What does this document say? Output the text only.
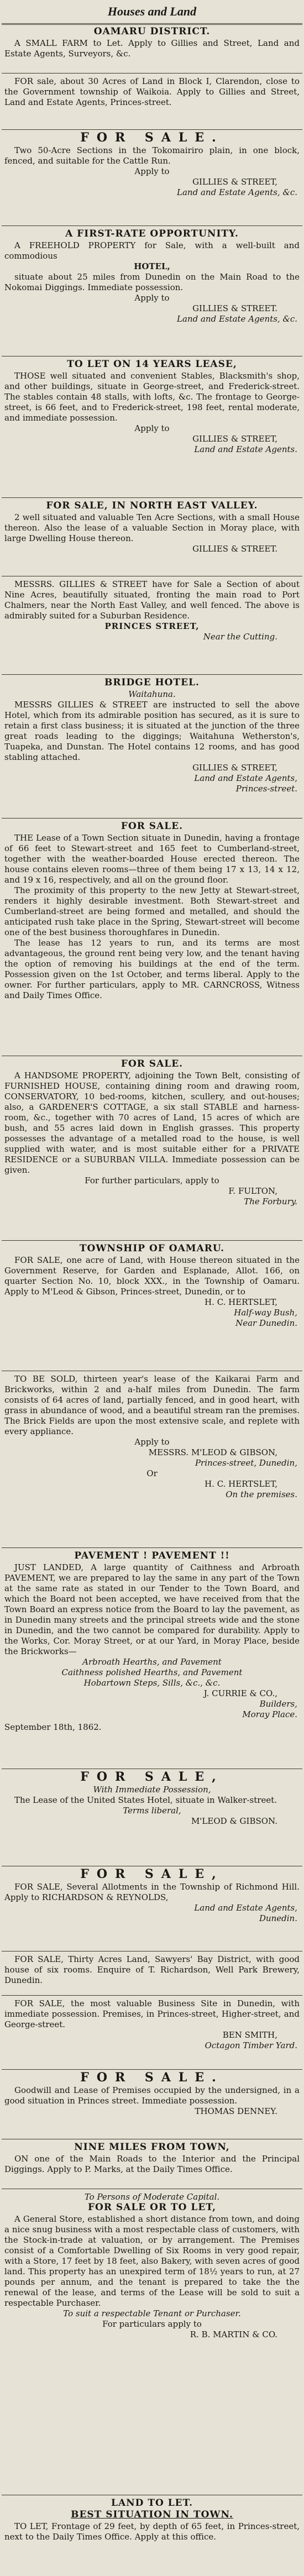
Houses and Land

OAMARU DISTRICT.

A SMALL FARM to Let. Apply to Gillies and Street, Land and Estate Agents, Surveyors, &c.

FOR sale, about 30 Acres of Land in Block I, Clarendon, close to the Government township of Waikoia. Apply to Gillies and Street, Land and Estate Agents, Princes-street.

FOR SALE.

Two 50-Acre Sections in the Tokomairiro plain, in one block, fenced, and suitable for the Cattle Run.

Apply to

GILLIES & STREET,

Land and Estate Agents, &c.

A FIRST-RATE OPPORTUNITY.

A FREEHOLD PROPERTY for Sale, with a well-built and commodious

HOTEL,

situate about 25 miles from Dunedin on the Main Road to the Nokomai Diggings. Immediate possession.

Apply to

GILLIES & STREET.

Land and Estate Agents, &c.

TO LET ON 14 YEARS LEASE,

THOSE well situated and convenient Stables, Blacksmith's shop, and other buildings, situate in George-street, and Frederick-street. The stables contain 48 stalls, with lofts, &c. The frontage to George-street, is 66 feet, and to Frederick-street, 198 feet, rental moderate, and immediate possession.

Apply to

GILLIES & STREET,

Land and Estate Agents.

FOR SALE, IN NORTH EAST VALLEY.

2 well situated and valuable Ten Acre Sections, with a small House thereon. Also the lease of a valuable Section in Moray place, with large Dwelling House thereon.

GILLIES & STREET.

MESSRS. GILLIES & STREET have for Sale a Section of about Nine Acres, beautifully situated, fronting the main road to Port Chalmers, near the North East Valley, and well fenced. The above is admirably suited for a Suburban Residence.

PRINCES STREET,

Near the Cutting.

BRIDGE HOTEL.

Waitahuna.

MESSRS GILLIES & STREET are instructed to sell the above Hotel, which from its admirable position has secured, as it is sure to retain a first class business; it is situated at the junction of the three great roads leading to the diggings; Waitahuna Wetherston's, Tuapeka, and Dunstan. The Hotel contains 12 rooms, and has good stabling attached.

GILLIES & STREET,

Land and Estate Agents,

Princes-street.

FOR SALE.

THE Lease of a Town Section situate in Dunedin, having a frontage of 66 feet to Stewart-street and 165 feet to Cumberland-street, together with the weather-boarded House erected thereon. The house contains eleven rooms—three of them being 17 x 13, 14 x 12, and 19 x 16, respectively, and all on the ground floor.

The proximity of this property to the new Jetty at Stewart-street, renders it highly desirable investment. Both Stewart-street and Cumberland-street are being formed and metalled, and should the anticipated rush take place in the Spring, Stewart-street will become one of the best business thoroughfares in Dunedin.

The lease has 12 years to run, and its terms are most advantageous, the ground rent being very low, and the tenant having the option of removing his buildings at the end of the term. Possession given on the 1st October, and terms liberal. Apply to the owner. For further particulars, apply to MR. CARNCROSS, Witness and Daily Times Office.

FOR SALE.

A HANDSOME PROPERTY, adjoining the Town Belt, consisting of FURNISHED HOUSE, containing dining room and drawing room, CONSERVATORY, 10 bed-rooms, kitchen, scullery, and out-houses; also, a GARDENER'S COTTAGE, a six stall STABLE and harness-room, &c., together with 70 acres of Land, 15 acres of which are bush, and 55 acres laid down in English grasses. This property possesses the advantage of a metalled road to the house, is well supplied with water, and is most suitable either for a PRIVATE RESIDENCE or a SUBURBAN VILLA. Immediate possession can be given.

For further particulars, apply to

F. FULTON,

The Forbury.

TOWNSHIP OF OAMARU.

FOR SALE, one acre of Land, with House thereon situated in the Government Reserve, for Garden and Esplanade, Allot. 166, on quarter Section No. 10, block XXX., in the Township of Oamaru. Apply to M'Leod & Gibson, Princes-street, Dunedin, or to

H. C. HERTSLET,

Half-way Bush,

Near Dunedin.

TO BE SOLD, thirteen year's lease of the Kaikarai Farm and Brickworks, within 2 and a-half miles from Dunedin. The farm consists of 64 acres of land, partially fenced, and in good heart, with grass in abundance of wood, and a beautiful stream ran the premises. The Brick Fields are upon the most extensive scale, and replete with every appliance.

Apply to

MESSRS. M'LEOD & GIBSON,

Princes-street, Dunedin,

Or

H. C. HERTSLET,

On the premises.

PAVEMENT ! PAVEMENT !!

JUST LANDED, A large quantity of Caithness and Arbroath PAVEMENT, we are prepared to lay the same in any part of the Town at the same rate as stated in our Tender to the Town Board, and which the Board not been accepted, we have received from that the Town Board an express notice from the Board to lay the pavement, as in Dunedin many streets and the principal streets wide and the stone in Dunedin, and the two cannot be compared for durability. Apply to the Works, Cor. Moray Street, or at our Yard, in Moray Place, beside the Brickworks—

Arbroath Hearths, and Pavement

Caithness polished Hearths, and Pavement

Hobartown Steps, Sills, &c., &c.

J. CURRIE & CO.,

Builders,

Moray Place.

September 18th, 1862.

FOR SALE,

With Immediate Possession,

The Lease of the United States Hotel, situate in Walker-street.

Terms liberal,

M'LEOD & GIBSON.

FOR SALE,

FOR SALE, Several Allotments in the Township of Richmond Hill. Apply to RICHARDSON & REYNOLDS,

Land and Estate Agents,

Dunedin.

FOR SALE, Thirty Acres Land, Sawyers' Bay District, with good house of six rooms. Enquire of T. Richardson, Well Park Brewery, Dunedin.

FOR SALE, the most valuable Business Site in Dunedin, with immediate possession. Premises, in Princes-street, Higher-street, and George-street.

BEN SMITH,

Octagon Timber Yard.

FOR SALE.

Goodwill and Lease of Premises occupied by the undersigned, in a good situation in Princes street. Immediate possession.

THOMAS DENNEY.

NINE MILES FROM TOWN,

ON one of the Main Roads to the Interior and the Principal Diggings. Apply to P. Marks, at the Daily Times Office.

To Persons of Moderate Capital.

FOR SALE OR TO LET,

A General Store, established a short distance from town, and doing a nice snug business with a most respectable class of customers, with the Stock-in-trade at valuation, or by arrangement. The Premises consist of a Comfortable Dwelling of Six Rooms in very good repair, with a Store, 17 feet by 18 feet, also Bakery, with seven acres of good land. This property has an unexpired term of 18½ years to run, at 27 pounds per annum, and the tenant is prepared to take the the renewal of the lease, and terms of the Lease will be sold to suit a respectable Purchaser.

To suit a respectable Tenant or Purchaser.

For particulars apply to

R. B. MARTIN & CO.

LAND TO LET.

BEST SITUATION IN TOWN.

TO LET, Frontage of 29 feet, by depth of 65 feet, in Princes-street, next to the Daily Times Office. Apply at this office.
